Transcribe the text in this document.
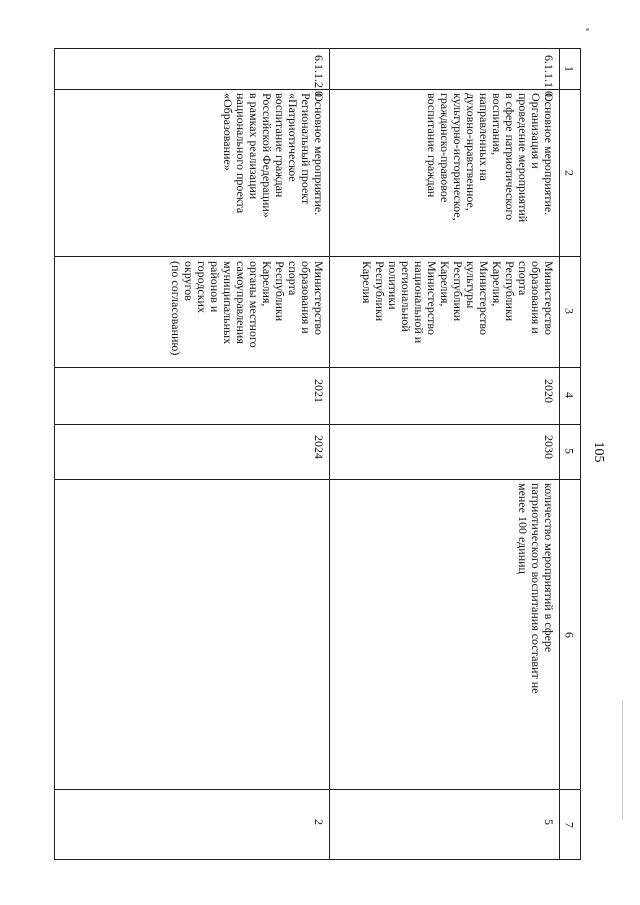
105
1
2
3
4
5
6
7
6.1.1.1.0.
Основное мероприятие.
Организация и
проведение мероприятий
в сфере патриотического
воспитания,
направленных на
духовно-нравственное,
культурно-историческое,
гражданско-правовое
воспитание граждан
Министерство
образования и
спорта
Республики
Карелия,
Министерство
культуры
Республики
Карелия,
Министерство
национальной и
региональной
политики
Республики
Карелия
2020
2030
количество мероприятий в сфере
патриотического воспитания составит не
менее 100 единиц
5
6.1.1.2.0.
Основное мероприятие.
Региональный проект
«Патриотическое
воспитание граждан
Российской Федерации»
в рамках реализации
национального проекта
«Образование»
Министерство
образования и
спорта
Республики
Карелия,
органы местного
самоуправления
муниципальных
районов и
городских
округов
(по согласованию)
2021
2024
2
